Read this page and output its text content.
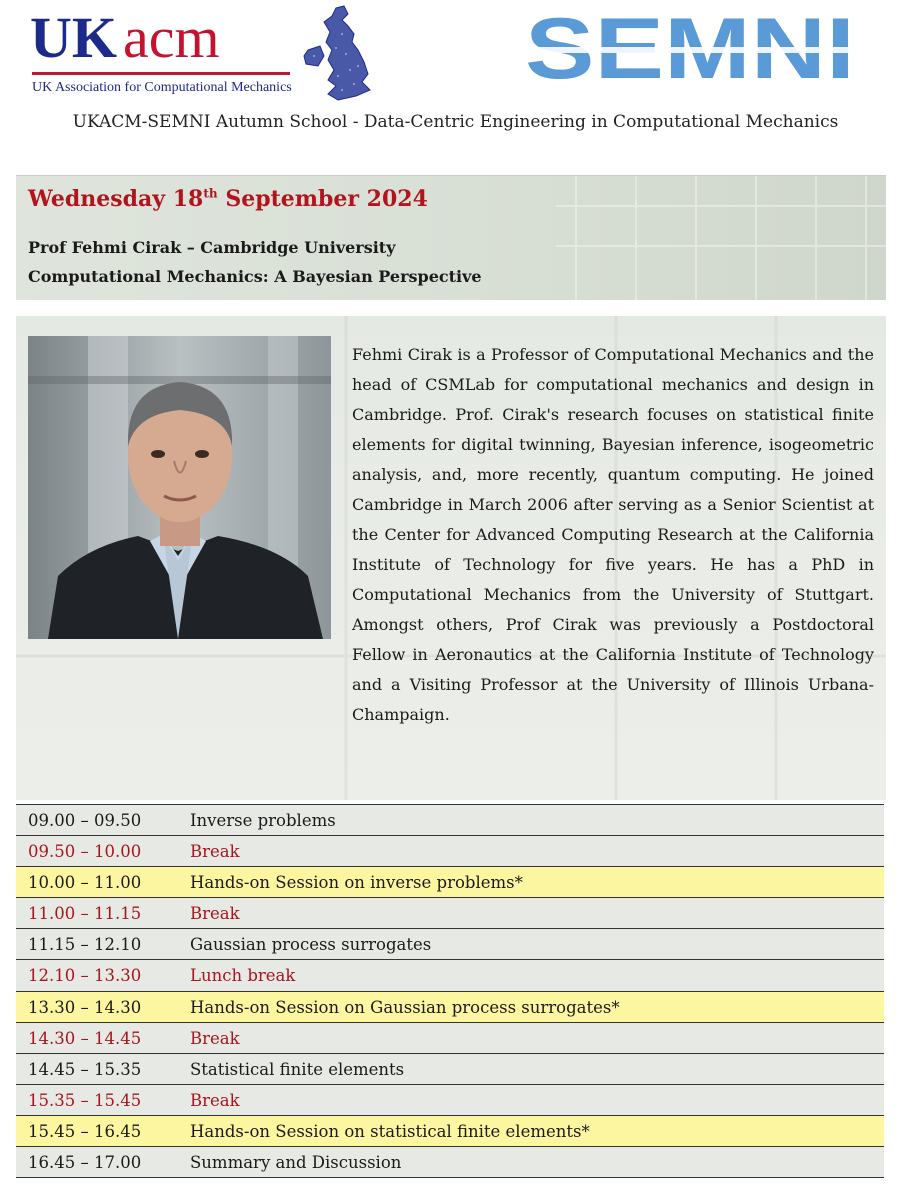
UK acm
UK Association for Computational Mechanics	SEMNI
UKACM-SEMNI Autumn School - Data-Centric Engineering in Computational Mechanics
Wednesday 18th September 2024
Prof Fehmi Cirak – Cambridge University
Computational Mechanics: A Bayesian Perspective
Fehmi Cirak is a Professor of Computational Mechanics and the head of CSMLab for computational mechanics and design in Cambridge. Prof. Cirak's research focuses on statistical finite elements for digital twinning, Bayesian inference, isogeometric analysis, and, more recently, quantum computing. He joined Cambridge in March 2006 after serving as a Senior Scientist at the Center for Advanced Computing Research at the California Institute of Technology for five years. He has a PhD in Computational Mechanics from the University of Stuttgart. Amongst others, Prof Cirak was previously a Postdoctoral Fellow in Aeronautics at the California Institute of Technology and a Visiting Professor at the University of Illinois Urbana-Champaign.
09.00 – 09.50	Inverse problems
09.50 – 10.00	Break
10.00 – 11.00	Hands-on Session on inverse problems*
11.00 – 11.15	Break
11.15 – 12.10	Gaussian process surrogates
12.10 – 13.30	Lunch break
13.30 – 14.30	Hands-on Session on Gaussian process surrogates*
14.30 – 14.45	Break
14.45 – 15.35	Statistical finite elements
15.35 – 15.45	Break
15.45 – 16.45	Hands-on Session on statistical finite elements*
16.45 – 17.00	Summary and Discussion
